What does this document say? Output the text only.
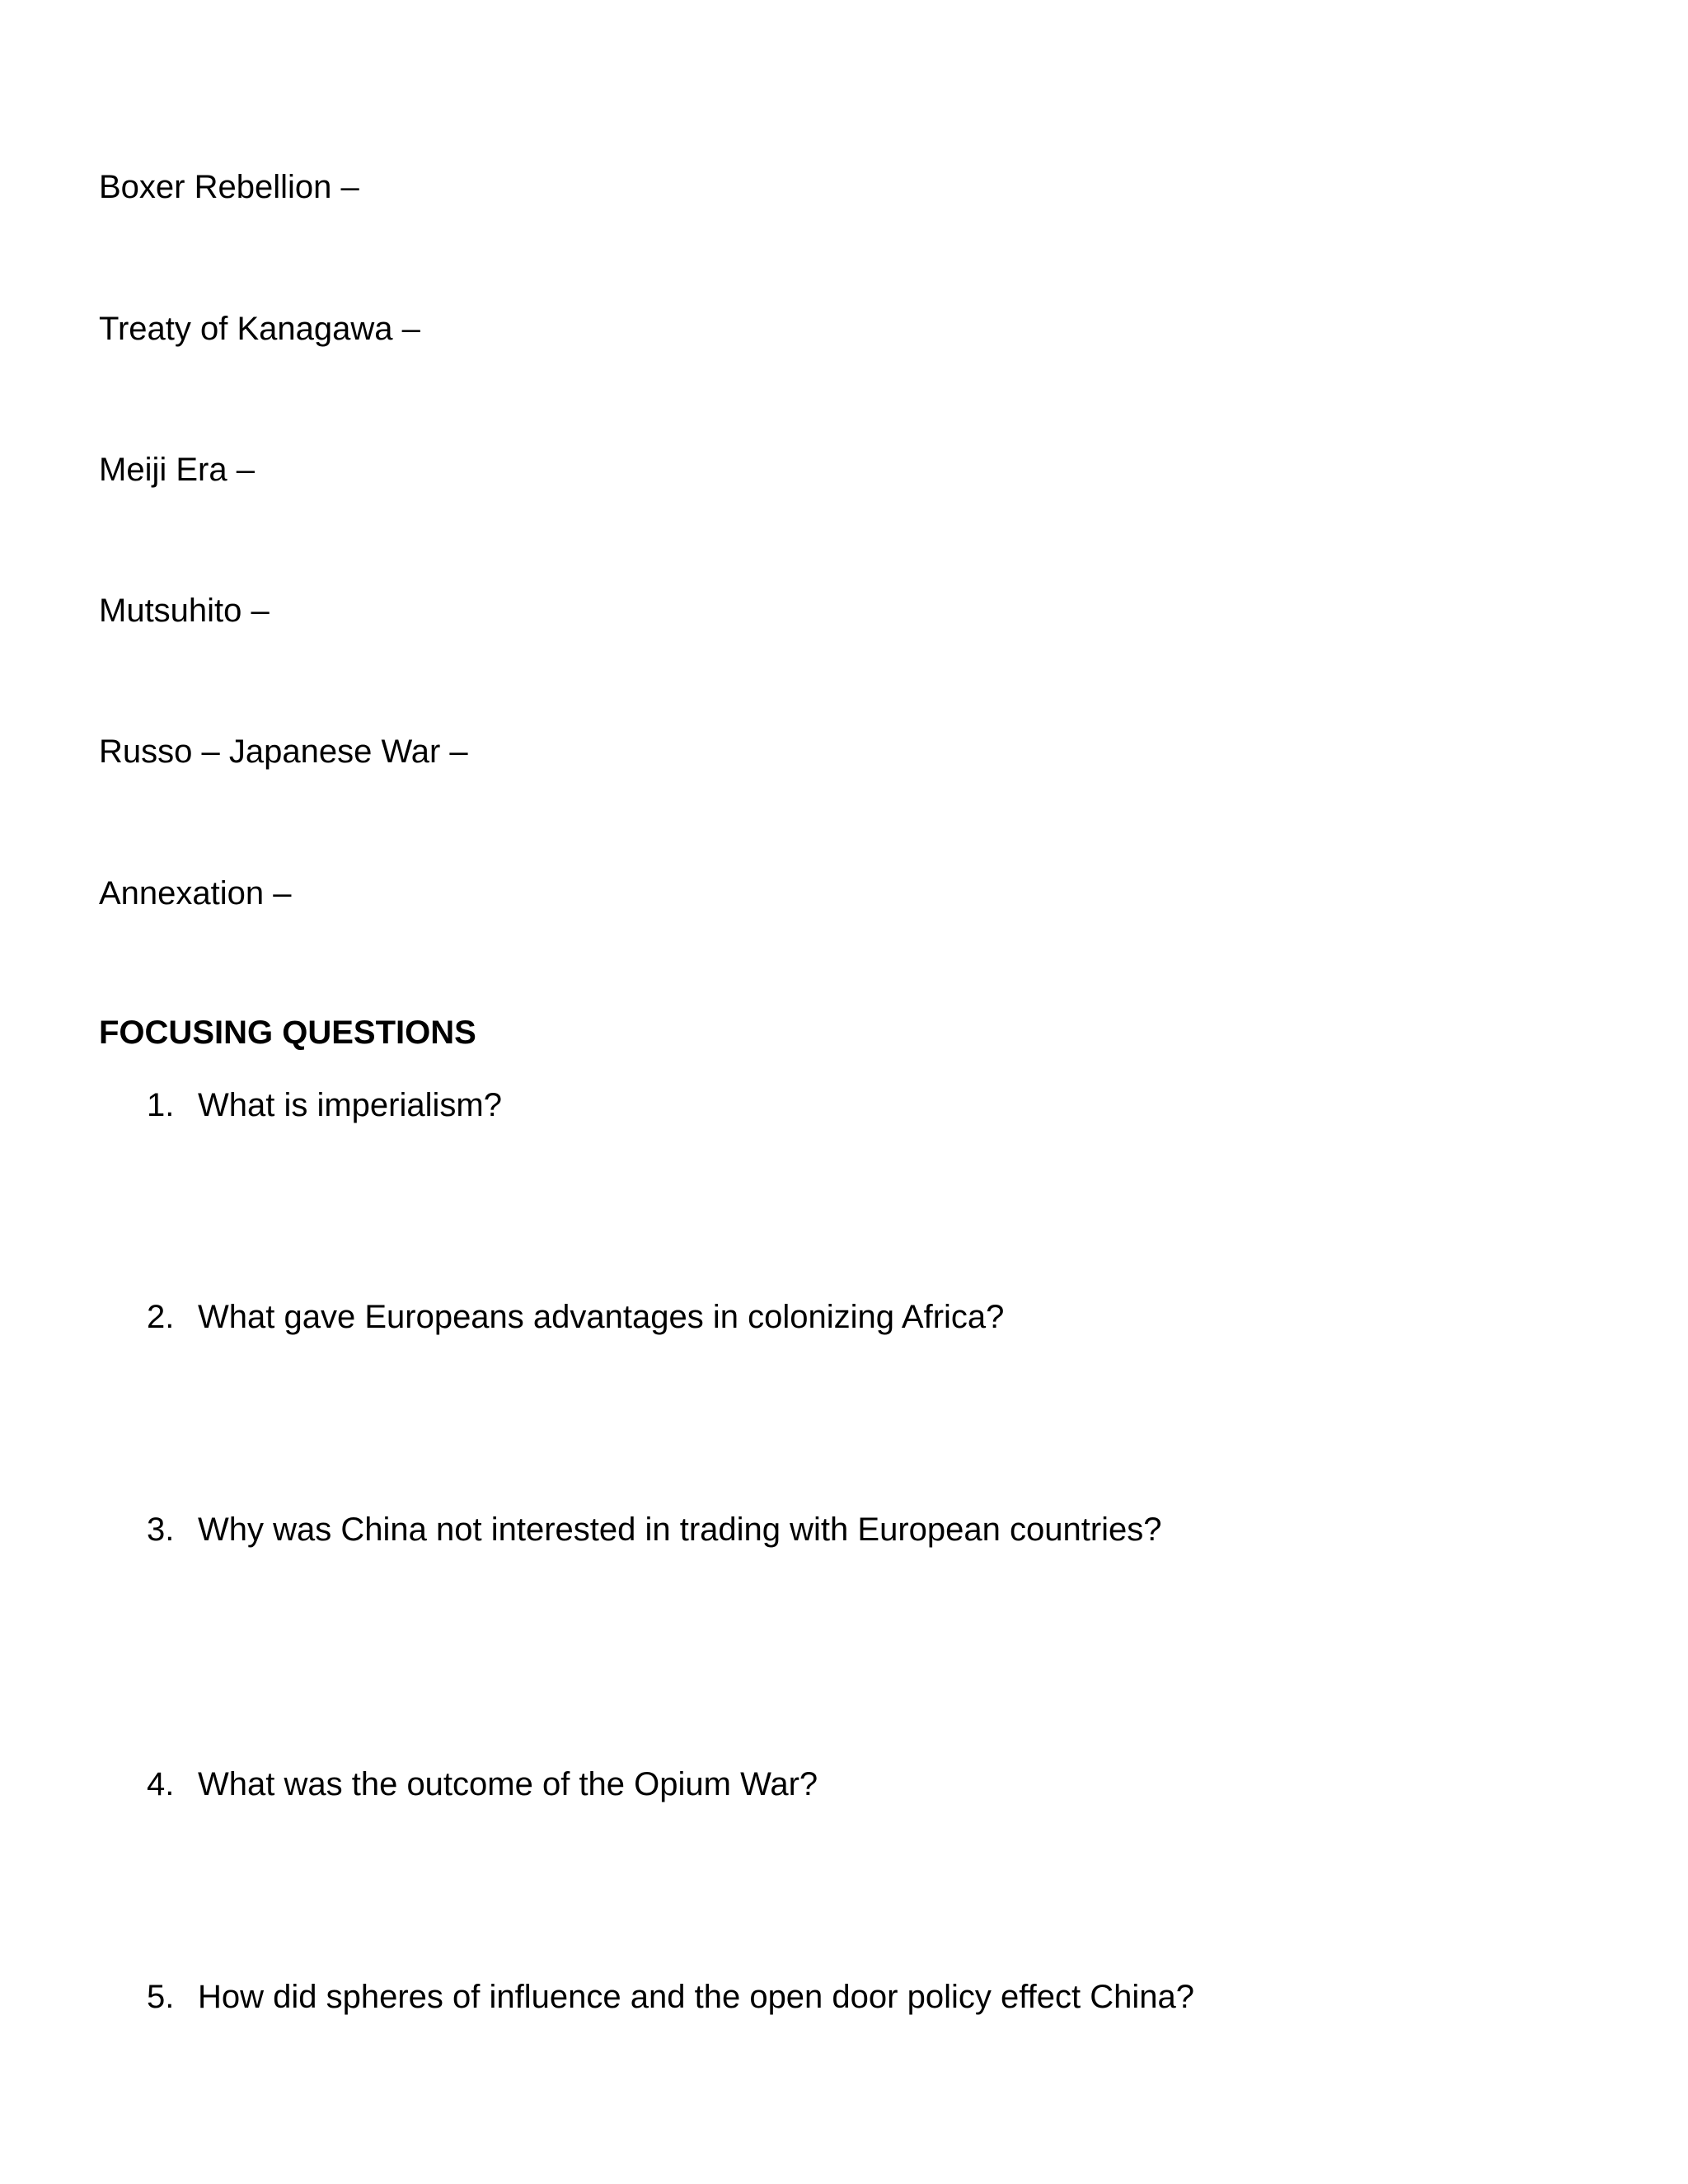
Boxer Rebellion –
Treaty of Kanagawa –
Meiji Era –
Mutsuhito –
Russo – Japanese War –
Annexation –
FOCUSING QUESTIONS
1. What is imperialism?
2. What gave Europeans advantages in colonizing Africa?
3. Why was China not interested in trading with European countries?
4. What was the outcome of the Opium War?
5. How did spheres of influence and the open door policy effect China?
